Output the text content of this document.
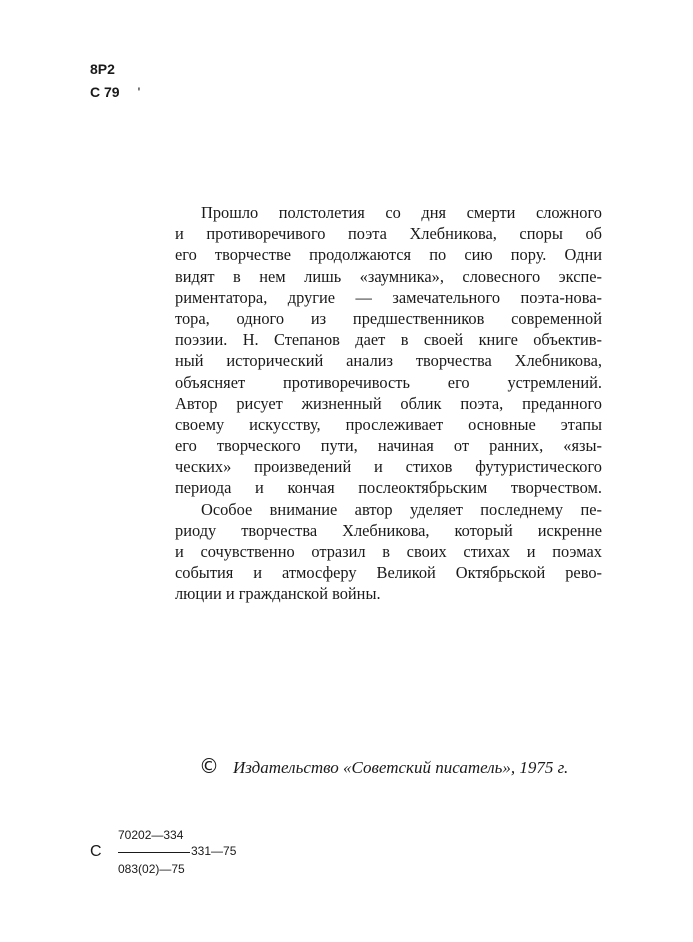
8Р2
С 79 '
Прошло полстолетия со дня смерти сложного
и противоречивого поэта Хлебникова, споры об
его творчестве продолжаются по сию пору. Одни
видят в нем лишь «заумника», словесного экспе-
риментатора, другие — замечательного поэта-нова-
тора, одного из предшественников современной
поэзии. Н. Степанов дает в своей книге объектив-
ный исторический анализ творчества Хлебникова,
объясняет противоречивость его устремлений.
Автор рисует жизненный облик поэта, преданного
своему искусству, прослеживает основные этапы
его творческого пути, начиная от ранних, «язы-
ческих» произведений и стихов футуристического
периода и кончая послеоктябрьским творчеством.
Особое внимание автор уделяет последнему пе-
риоду творчества Хлебникова, который искренне
и сочувственно отразил в своих стихах и поэмах
события и атмосферу Великой Октябрьской рево-
люции и гражданской войны.
© Издательство «Советский писатель», 1975 г.
С
70202—334
331—75
083(02)—75
